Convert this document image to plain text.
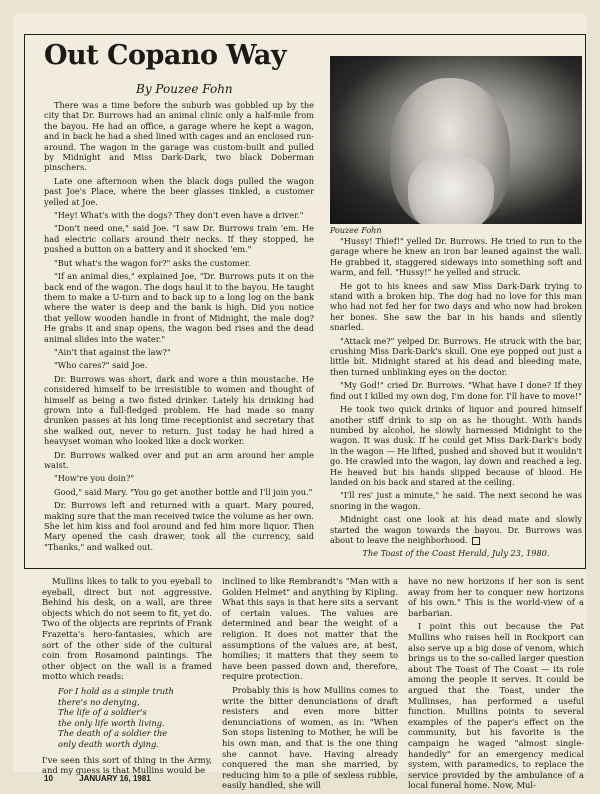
Out Copano Way
By Pouzee Fohn
Pouzee Fohn

There was a time before the suburb was gobbled up by the city that Dr. Burrows had an animal clinic only a half-mile from the bayou. He had an office, a garage where he kept a wagon, and in back he had a shed lined with cages and an enclosed run-around. The wagon in the garage was custom-built and pulled by Midnight and Miss Dark-Dark, two black Doberman pinschers.

Late one afternoon when the black dogs pulled the wagon past Joe's Place, where the beer glasses tinkled, a customer yelled at Joe.

"Hey! What's with the dogs? They don't even have a driver."

"Don't need one," said Joe. "I saw Dr. Burrows train 'em. He had electric collars around their necks. If they stopped, he pushed a button on a battery and it shocked 'em."

"But what's the wagon for?" asks the customer.

"If an animal dies," explained Joe, "Dr. Burrows puts it on the back end of the wagon. The dogs haul it to the bayou. He taught them to make a U-turn and to back up to a long log on the bank where the water is deep and the bank is high. Did you notice that yellow wooden handle in front of Midnight, the male dog? He grabs it and snap opens, the wagon bed rises and the dead animal slides into the water."

"Ain't that against the law?"

"Who cares?" said Joe.

Dr. Burrows was short, dark and wore a thin moustache. He considered himself to be irresistible to women and thought of himself as being a two fisted drinker. Lately his drinking had grown into a full-fledged problem. He had made so many drunken passes at his long time receptionist and secretary that she walked out, never to return. Just today he had hired a heavyset woman who looked like a dock worker.

Dr. Burrows walked over and put an arm around her ample waist.

"How're you doin?"

Good," said Mary. "You go get another bottle and I'll join you."

Dr. Burrows left and returned with a quart. Mary poured, making sure that the man received twice the volume as her own. She let him kiss and fool around and fed him more liquor. Then Mary opened the cash drawer, took all the currency, said "Thanks," and walked out.

"Hussy! Thief!" yelled Dr. Burrows. He tried to run to the garage where he knew an iron bar leaned against the wall. He grabbed it, staggered sideways into something soft and warm, and fell. "Hussy!" he yelled and struck.

He got to his knees and saw Miss Dark-Dark trying to stand with a broken hip. The dog had no love for this man who had not fed her for two days and who now had broken her bones. She saw the bar in his hands and silently snarled.

"Attack me?" yelped Dr. Burrows. He struck with the bar, crushing Miss Dark-Dark's skull. One eye popped out just a little bit. Midnight stared at his dead and bleeding mate, then turned unblinking eyes on the doctor.

"My God!" cried Dr. Burrows. "What have I done? If they find out I killed my own dog, I'm done for. I'll have to move!"

He took two quick drinks of liquor and poured himself another stiff drink to sip on as he thought. With hands numbed by alcohol, he slowly harnessed Midnight to the wagon. It was dusk. If he could get Miss Dark-Dark's body in the wagon — He lifted, pushed and shoved but it wouldn't go. He crawled into the wagon, lay down and reached a leg. He heaved but his hands slipped because of blood. He landed on his back and stared at the ceiling.

"I'll res' just a minute," he said. The next second he was snoring in the wagon.

Midnight cast one look at his dead mate and slowly started the wagon towards the bayou. Dr. Burrows was about to leave the neighborhood.

The Toast of the Coast Herald, July 23, 1980.

Mullins likes to talk to you eyeball to eyeball, direct but not aggressive. Behind his desk, on a wall, are three objects which do not seem to fit, yet do. Two of the objects are reprints of Frank Frazetta's hero-fantasies, which are sort of the other side of the cultural coin from Rosamond paintings. The other object on the wall is a framed motto which reads:

For I hold as a simple truth
there's no denying,
The life of a soldier's
the only life worth living.
The death of a soldier the
only death worth dying.

I've seen this sort of thing in the Army, and my guess is that Mullins would be

inclined to like Rembrandt's "Man with a Golden Helmet" and anything by Kipling. What this says is that here sits a servant of certain values. The values are determined and bear the weight of a religion. It does not matter that the assumptions of the values are, at best, homilies; it matters that they seem to have been passed down and, therefore, require protection.

Probably this is how Mullins comes to write the bitter denunciations of draft resisters and even more bitter denunciations of women, as in: "When Son stops listening to Mother, he will be his own man, and that is the one thing she cannot have. Having already conquered the man she married, by reducing him to a pile of sexless rubble, easily handled, she will

have no new horizons if her son is sent away from her to conquer new horizons of his own." This is the world-view of a barbarian.

I point this out because the Pat Mullins who raises hell in Rockport can also serve up a big dose of venom, which brings us to the so-called larger question about The Toast of The Coast — its role among the people it serves. It could be argued that the Toast, under the Mullinses, has performed a useful function. Mullins points to several examples of the paper's effect on the community, but his favorite is the campaign he waged "almost single-handedly" for an emergency medical system, with paramedics, to replace the service provided by the ambulance of a local funeral home. Now, Mul-

10	JANUARY 16, 1981
